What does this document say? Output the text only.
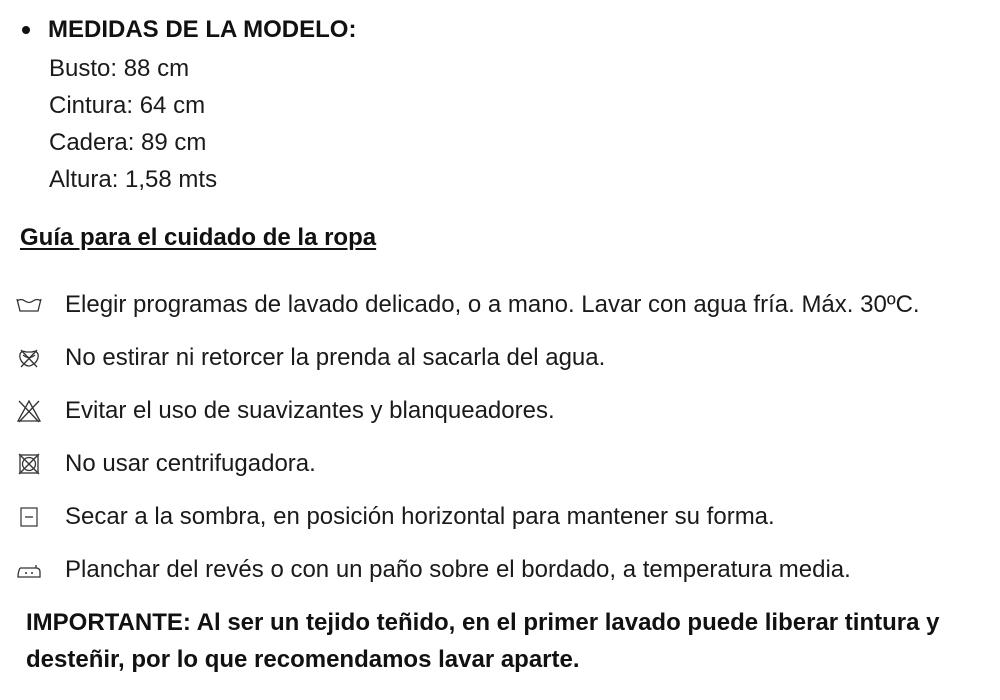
MEDIDAS DE LA MODELO:
Busto: 88 cm
Cintura: 64 cm
Cadera: 89 cm
Altura: 1,58 mts
Guía para el cuidado de la ropa
Elegir programas de lavado delicado, o a mano. Lavar con agua fría. Máx. 30ºC.
No estirar ni retorcer la prenda al sacarla del agua.
Evitar el uso de suavizantes y blanqueadores.
No usar centrifugadora.
Secar a la sombra, en posición horizontal para mantener su forma.
Planchar del revés o con un paño sobre el bordado, a temperatura media.
IMPORTANTE: Al ser un tejido teñido, en el primer lavado puede liberar tintura y desteñir, por lo que recomendamos lavar aparte.
